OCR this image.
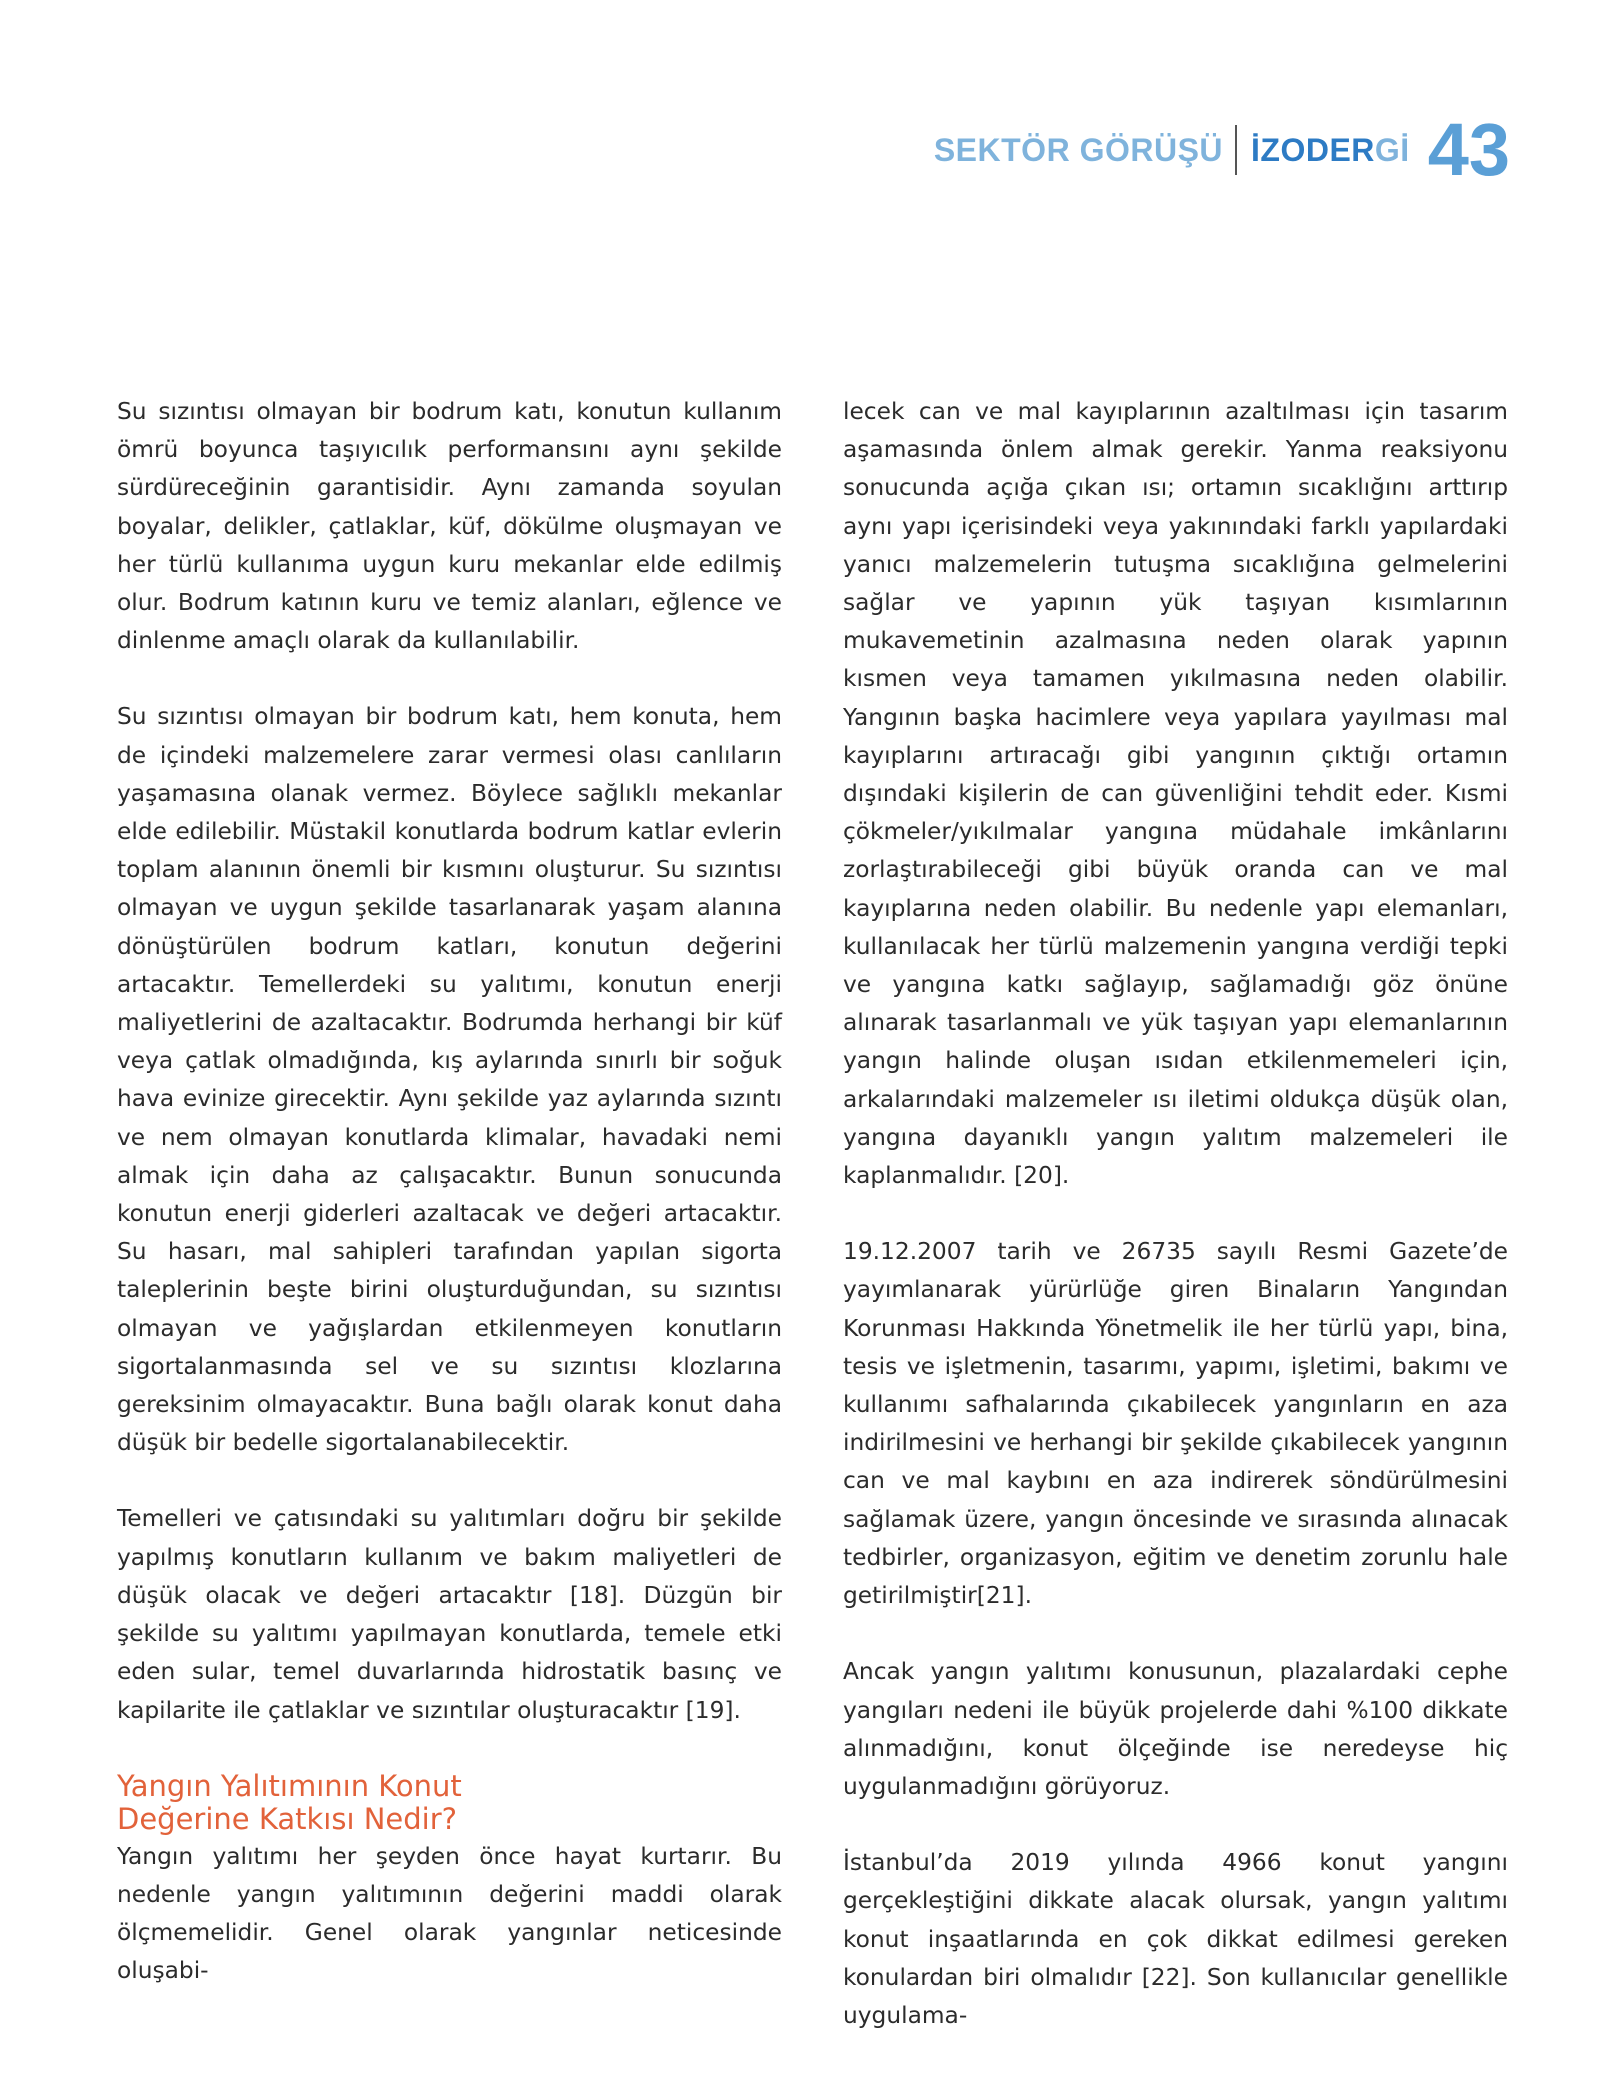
SEKTÖR GÖRÜŞÜ İZODERGİ 43

Su sızıntısı olmayan bir bodrum katı, konutun kullanım ömrü boyunca taşıyıcılık performansını aynı şekilde sürdüreceğinin garantisidir. Aynı zamanda soyulan boyalar, delikler, çatlaklar, küf, dökülme oluşmayan ve her türlü kullanıma uygun kuru mekanlar elde edilmiş olur. Bodrum katının kuru ve temiz alanları, eğlence ve dinlenme amaçlı olarak da kullanılabilir.

Su sızıntısı olmayan bir bodrum katı, hem konuta, hem de içindeki malzemelere zarar vermesi olası canlıların yaşamasına olanak vermez. Böylece sağlıklı mekanlar elde edilebilir. Müstakil konutlarda bodrum katlar evlerin toplam alanının önemli bir kısmını oluşturur. Su sızıntısı olmayan ve uygun şekilde tasarlanarak yaşam alanına dönüştürülen bodrum katları, konutun değerini artacaktır. Temellerdeki su yalıtımı, konutun enerji maliyetlerini de azaltacaktır. Bodrumda herhangi bir küf veya çatlak olmadığında, kış aylarında sınırlı bir soğuk hava evinize girecektir. Aynı şekilde yaz aylarında sızıntı ve nem olmayan konutlarda klimalar, havadaki nemi almak için daha az çalışacaktır. Bunun sonucunda konutun enerji giderleri azaltacak ve değeri artacaktır. Su hasarı, mal sahipleri tarafından yapılan sigorta taleplerinin beşte birini oluşturduğundan, su sızıntısı olmayan ve yağışlardan etkilenmeyen konutların sigortalanmasında sel ve su sızıntısı klozlarına gereksinim olmayacaktır. Buna bağlı olarak konut daha düşük bir bedelle sigortalanabilecektir.

Temelleri ve çatısındaki su yalıtımları doğru bir şekilde yapılmış konutların kullanım ve bakım maliyetleri de düşük olacak ve değeri artacaktır [18]. Düzgün bir şekilde su yalıtımı yapılmayan konutlarda, temele etki eden sular, temel duvarlarında hidrostatik basınç ve kapilarite ile çatlaklar ve sızıntılar oluşturacaktır [19].

Yangın Yalıtımının Konut
Değerine Katkısı Nedir?

Yangın yalıtımı her şeyden önce hayat kurtarır. Bu nedenle yangın yalıtımının değerini maddi olarak ölçmemelidir. Genel olarak yangınlar neticesinde oluşabi-

lecek can ve mal kayıplarının azaltılması için tasarım aşamasında önlem almak gerekir. Yanma reaksiyonu sonucunda açığa çıkan ısı; ortamın sıcaklığını arttırıp aynı yapı içerisindeki veya yakınındaki farklı yapılardaki yanıcı malzemelerin tutuşma sıcaklığına gelmelerini sağlar ve yapının yük taşıyan kısımlarının mukavemetinin azalmasına neden olarak yapının kısmen veya tamamen yıkılmasına neden olabilir. Yangının başka hacimlere veya yapılara yayılması mal kayıplarını artıracağı gibi yangının çıktığı ortamın dışındaki kişilerin de can güvenliğini tehdit eder. Kısmi çökmeler/yıkılmalar yangına müdahale imkânlarını zorlaştırabileceği gibi büyük oranda can ve mal kayıplarına neden olabilir. Bu nedenle yapı elemanları, kullanılacak her türlü malzemenin yangına verdiği tepki ve yangına katkı sağlayıp, sağlamadığı göz önüne alınarak tasarlanmalı ve yük taşıyan yapı elemanlarının yangın halinde oluşan ısıdan etkilenmemeleri için, arkalarındaki malzemeler ısı iletimi oldukça düşük olan, yangına dayanıklı yangın yalıtım malzemeleri ile kaplanmalıdır. [20].

19.12.2007 tarih ve 26735 sayılı Resmi Gazete’de yayımlanarak yürürlüğe giren Binaların Yangından Korunması Hakkında Yönetmelik ile her türlü yapı, bina, tesis ve işletmenin, tasarımı, yapımı, işletimi, bakımı ve kullanımı safhalarında çıkabilecek yangınların en aza indirilmesini ve herhangi bir şekilde çıkabilecek yangının can ve mal kaybını en aza indirerek söndürülmesini sağlamak üzere, yangın öncesinde ve sırasında alınacak tedbirler, organizasyon, eğitim ve denetim zorunlu hale getirilmiştir[21].

Ancak yangın yalıtımı konusunun, plazalardaki cephe yangıları nedeni ile büyük projelerde dahi %100 dikkate alınmadığını, konut ölçeğinde ise neredeyse hiç uygulanmadığını görüyoruz.

İstanbul’da 2019 yılında 4966 konut yangını gerçekleştiğini dikkate alacak olursak, yangın yalıtımı konut inşaatlarında en çok dikkat edilmesi gereken konulardan biri olmalıdır [22]. Son kullanıcılar genellikle uygulama-
